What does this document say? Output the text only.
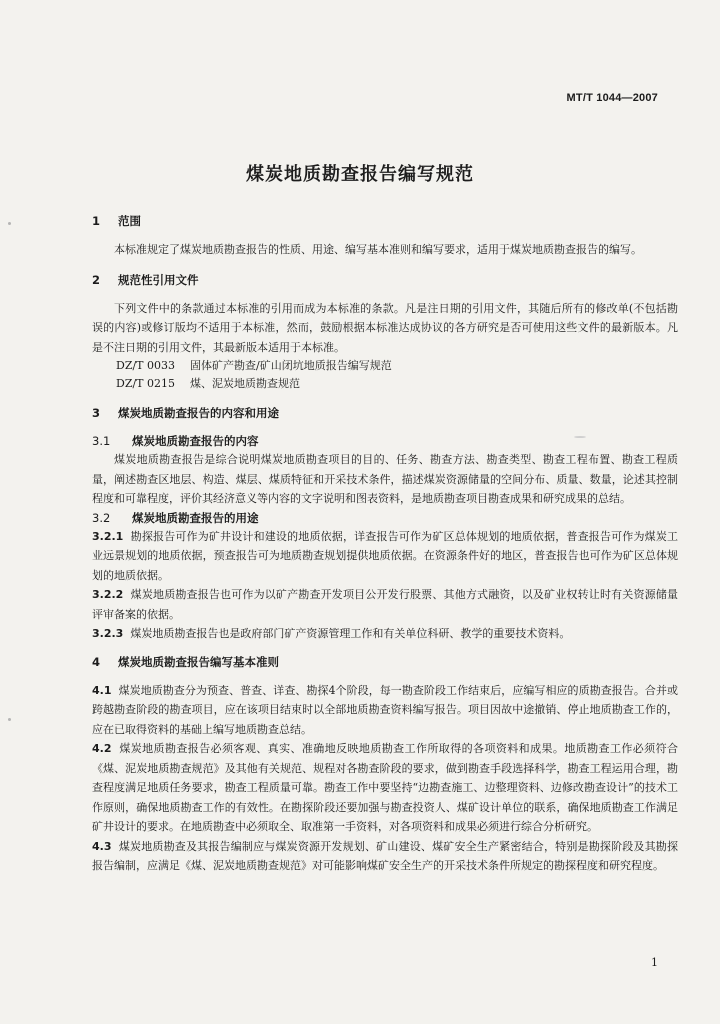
MT/T 1044—2007
煤炭地质勘查报告编写规范
1 范围
本标准规定了煤炭地质勘查报告的性质、用途、编写基本准则和编写要求，适用于煤炭地质勘查报告的编写。
2 规范性引用文件
下列文件中的条款通过本标准的引用而成为本标准的条款。凡是注日期的引用文件，其随后所有的修改单(不包括勘误的内容)或修订版均不适用于本标准，然而，鼓励根据本标准达成协议的各方研究是否可使用这些文件的最新版本。凡是不注日期的引用文件，其最新版本适用于本标准。
DZ/T 0033 固体矿产勘查/矿山闭坑地质报告编写规范
DZ/T 0215 煤、泥炭地质勘查规范
3 煤炭地质勘查报告的内容和用途
3.1 煤炭地质勘查报告的内容
煤炭地质勘查报告是综合说明煤炭地质勘查项目的目的、任务、勘查方法、勘查类型、勘查工程布置、勘查工程质量，阐述勘查区地层、构造、煤层、煤质特征和开采技术条件，描述煤炭资源储量的空间分布、质量、数量，论述其控制程度和可靠程度，评价其经济意义等内容的文字说明和图表资料，是地质勘查项目勘查成果和研究成果的总结。
3.2 煤炭地质勘查报告的用途
3.2.1 勘探报告可作为矿井设计和建设的地质依据，详查报告可作为矿区总体规划的地质依据，普查报告可作为煤炭工业远景规划的地质依据，预查报告可为地质勘查规划提供地质依据。在资源条件好的地区，普查报告也可作为矿区总体规划的地质依据。
3.2.2 煤炭地质勘查报告也可作为以矿产勘查开发项目公开发行股票、其他方式融资，以及矿业权转让时有关资源储量评审备案的依据。
3.2.3 煤炭地质勘查报告也是政府部门矿产资源管理工作和有关单位科研、教学的重要技术资料。
4 煤炭地质勘查报告编写基本准则
4.1 煤炭地质勘查分为预查、普查、详查、勘探4个阶段，每一勘查阶段工作结束后，应编写相应的质勘查报告。合并或跨越勘查阶段的勘查项目，应在该项目结束时以全部地质勘查资料编写报告。项目因故中途撤销、停止地质勘查工作的，应在已取得资料的基础上编写地质勘查总结。
4.2 煤炭地质勘查报告必须客观、真实、准确地反映地质勘查工作所取得的各项资料和成果。地质勘查工作必须符合《煤、泥炭地质勘查规范》及其他有关规范、规程对各勘查阶段的要求，做到勘查手段选择科学，勘查工程运用合理，勘查程度满足地质任务要求，勘查工程质量可靠。勘查工作中要坚持“边勘查施工、边整理资料、边修改勘查设计”的技术工作原则，确保地质勘查工作的有效性。在勘探阶段还要加强与勘查投资人、煤矿设计单位的联系，确保地质勘查工作满足矿井设计的要求。在地质勘查中必须取全、取准第一手资料，对各项资料和成果必须进行综合分析研究。
4.3 煤炭地质勘查及其报告编制应与煤炭资源开发规划、矿山建设、煤矿安全生产紧密结合，特别是勘探阶段及其勘探报告编制，应满足《煤、泥炭地质勘查规范》对可能影响煤矿安全生产的开采技术条件所规定的勘探程度和研究程度。
1
